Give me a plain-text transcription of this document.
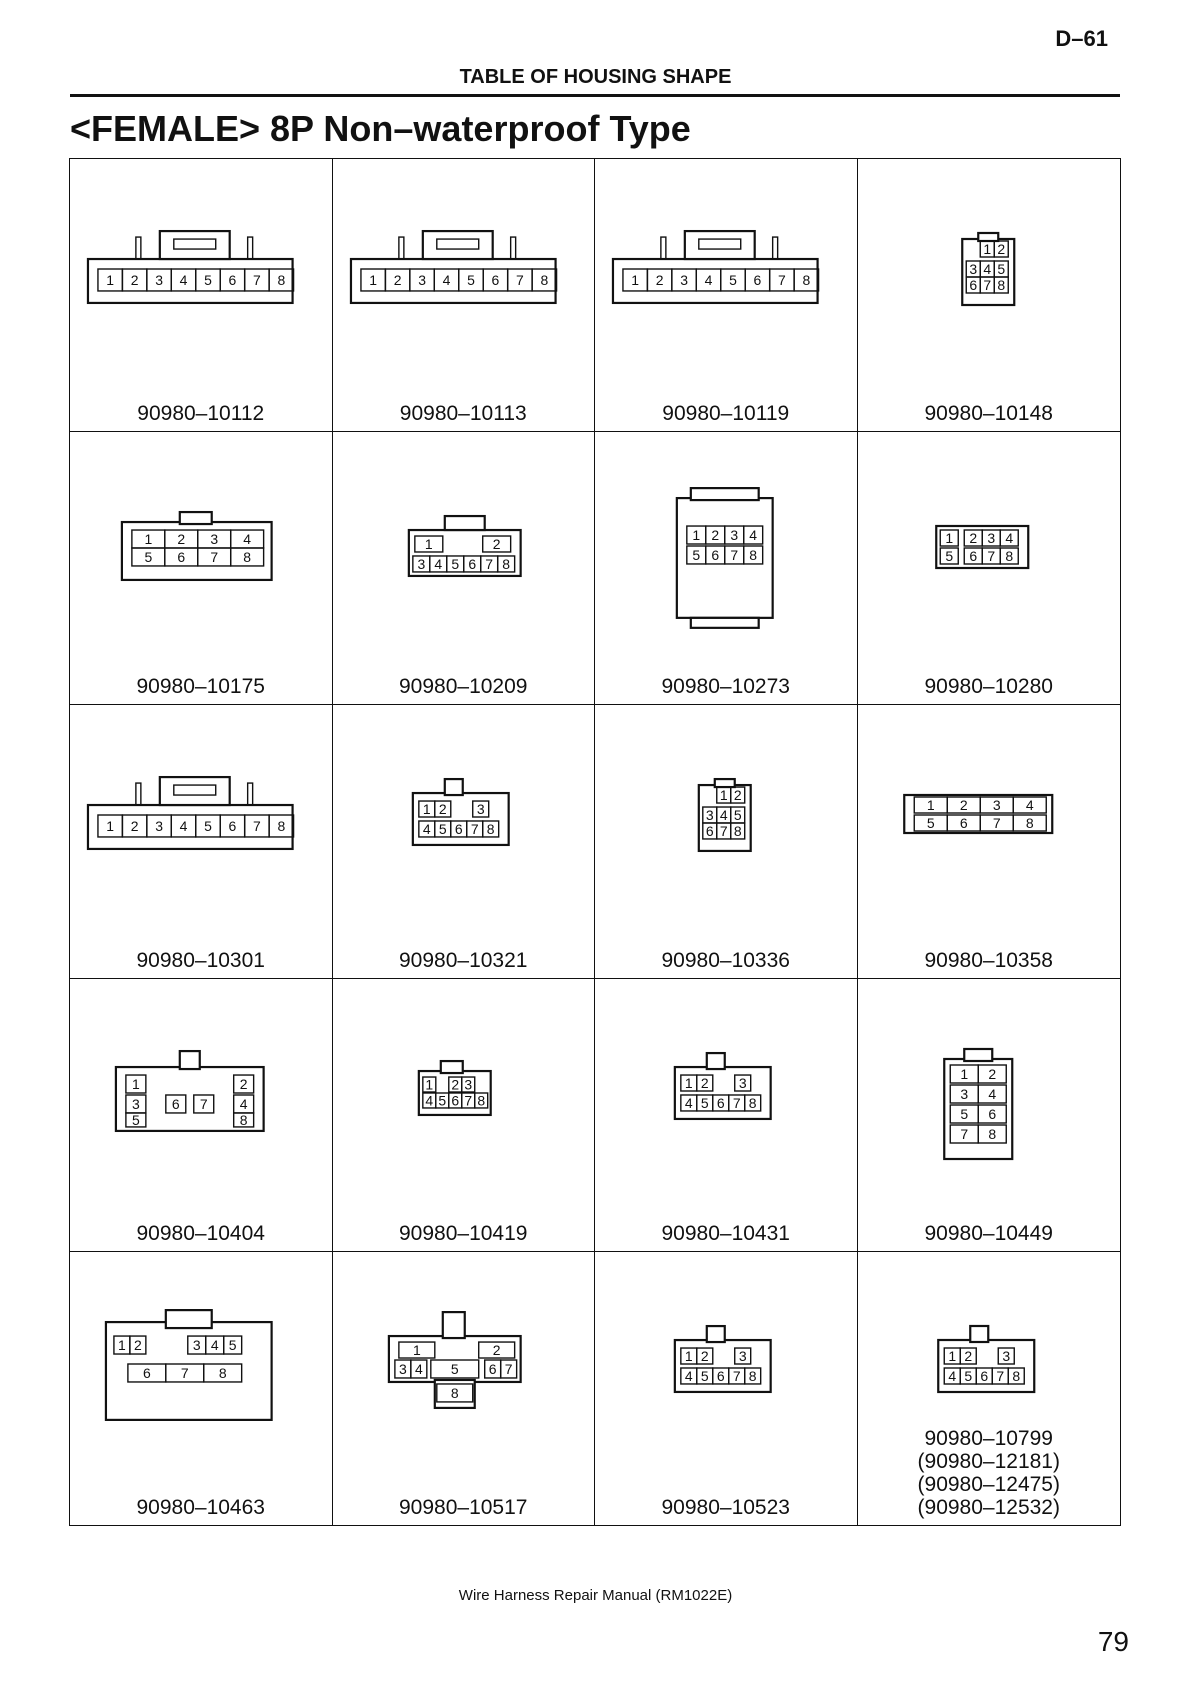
D–61
TABLE OF HOUSING SHAPE
<FEMALE> 8P Non–waterproof Type
1 2 3 4 5 6 7 8
90980–10112
1 2 3 4 5 6 7 8
90980–10113
1 2 3 4 5 6 7 8
90980–10119
1 2
3 4 5
6 7 8
90980–10148
1
5
2
6
3
7
4
8
90980–10175
1	2
3 4 5 6 7 8
90980–10209
1
5
2
6
3
7
4
8
90980–10273
1 2 3 4
5 6 7 8
90980–10280
1 2 3 4 5 6 7 8
90980–10301
1 2 3
4 5 6 7 8
90980–10321
1 2
3 4 5
6 7 8
90980–10336
1
5
2
6
3
7
4
8
90980–10358
1	2
3	4
5
6 7
8
90980–10404
1 2 3
4 5 6 7 8
90980–10419
1 2 3
4 5 6 7 8
90980–10431
1 2
3 4
5 6
7 8
90980–10449
1 2	3 4 5
6 7 8
90980–10463
1	2
3 4 5 6 7
8
90980–10517
1 2 3
4 5 6 7 8
90980–10523
1 2 3
4 5 6 7 8
90980–10799
(90980–12181)
(90980–12475)
(90980–12532)
Wire Harness Repair Manual (RM1022E)
79
